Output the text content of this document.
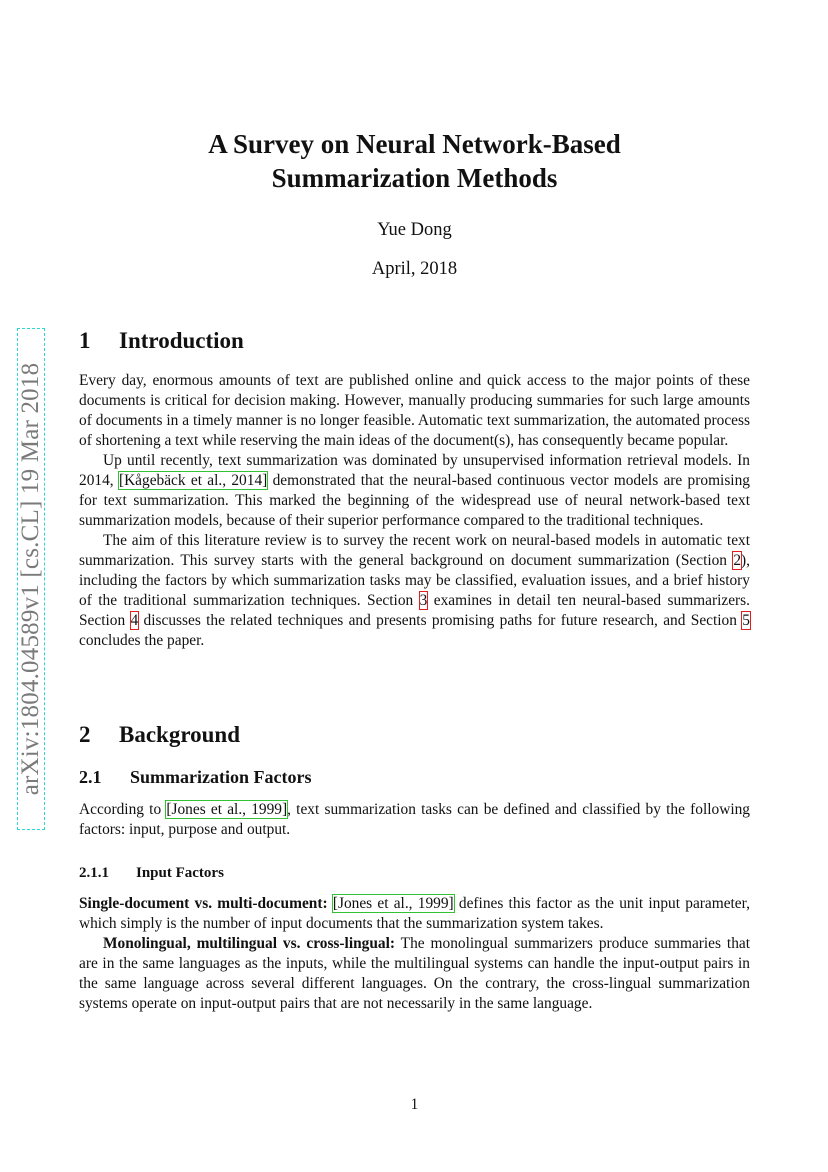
arXiv:1804.04589v1 [cs.CL] 19 Mar 2018
A Survey on Neural Network-Based
Summarization Methods
Yue Dong
April, 2018
1 Introduction

Every day, enormous amounts of text are published online and quick access to the major points of these documents is critical for decision making. However, manually producing summaries for such large amounts of documents in a timely manner is no longer feasible. Automatic text summarization, the automated process of shortening a text while reserving the main ideas of the document(s), has consequently became popular.

Up until recently, text summarization was dominated by unsupervised information retrieval models. In 2014, [Kågebäck et al., 2014] demonstrated that the neural-based continuous vector models are promising for text summarization. This marked the beginning of the widespread use of neural network-based text summarization models, because of their superior performance compared to the traditional techniques.

The aim of this literature review is to survey the recent work on neural-based models in automatic text summarization. This survey starts with the general background on document summarization (Section 2), including the factors by which summarization tasks may be classified, evaluation issues, and a brief history of the traditional summarization techniques. Section 3 examines in detail ten neural-based summarizers. Section 4 discusses the related techniques and presents promising paths for future research, and Section 5 concludes the paper.

2 Background
2.1 Summarization Factors

According to [Jones et al., 1999], text summarization tasks can be defined and classified by the following factors: input, purpose and output.

2.1.1 Input Factors

Single-document vs. multi-document: [Jones et al., 1999] defines this factor as the unit input parameter, which simply is the number of input documents that the summarization system takes.

Monolingual, multilingual vs. cross-lingual: The monolingual summarizers produce summaries that are in the same languages as the inputs, while the multilingual systems can handle the input-output pairs in the same language across several different languages. On the contrary, the cross-lingual summarization systems operate on input-output pairs that are not necessarily in the same language.

1
